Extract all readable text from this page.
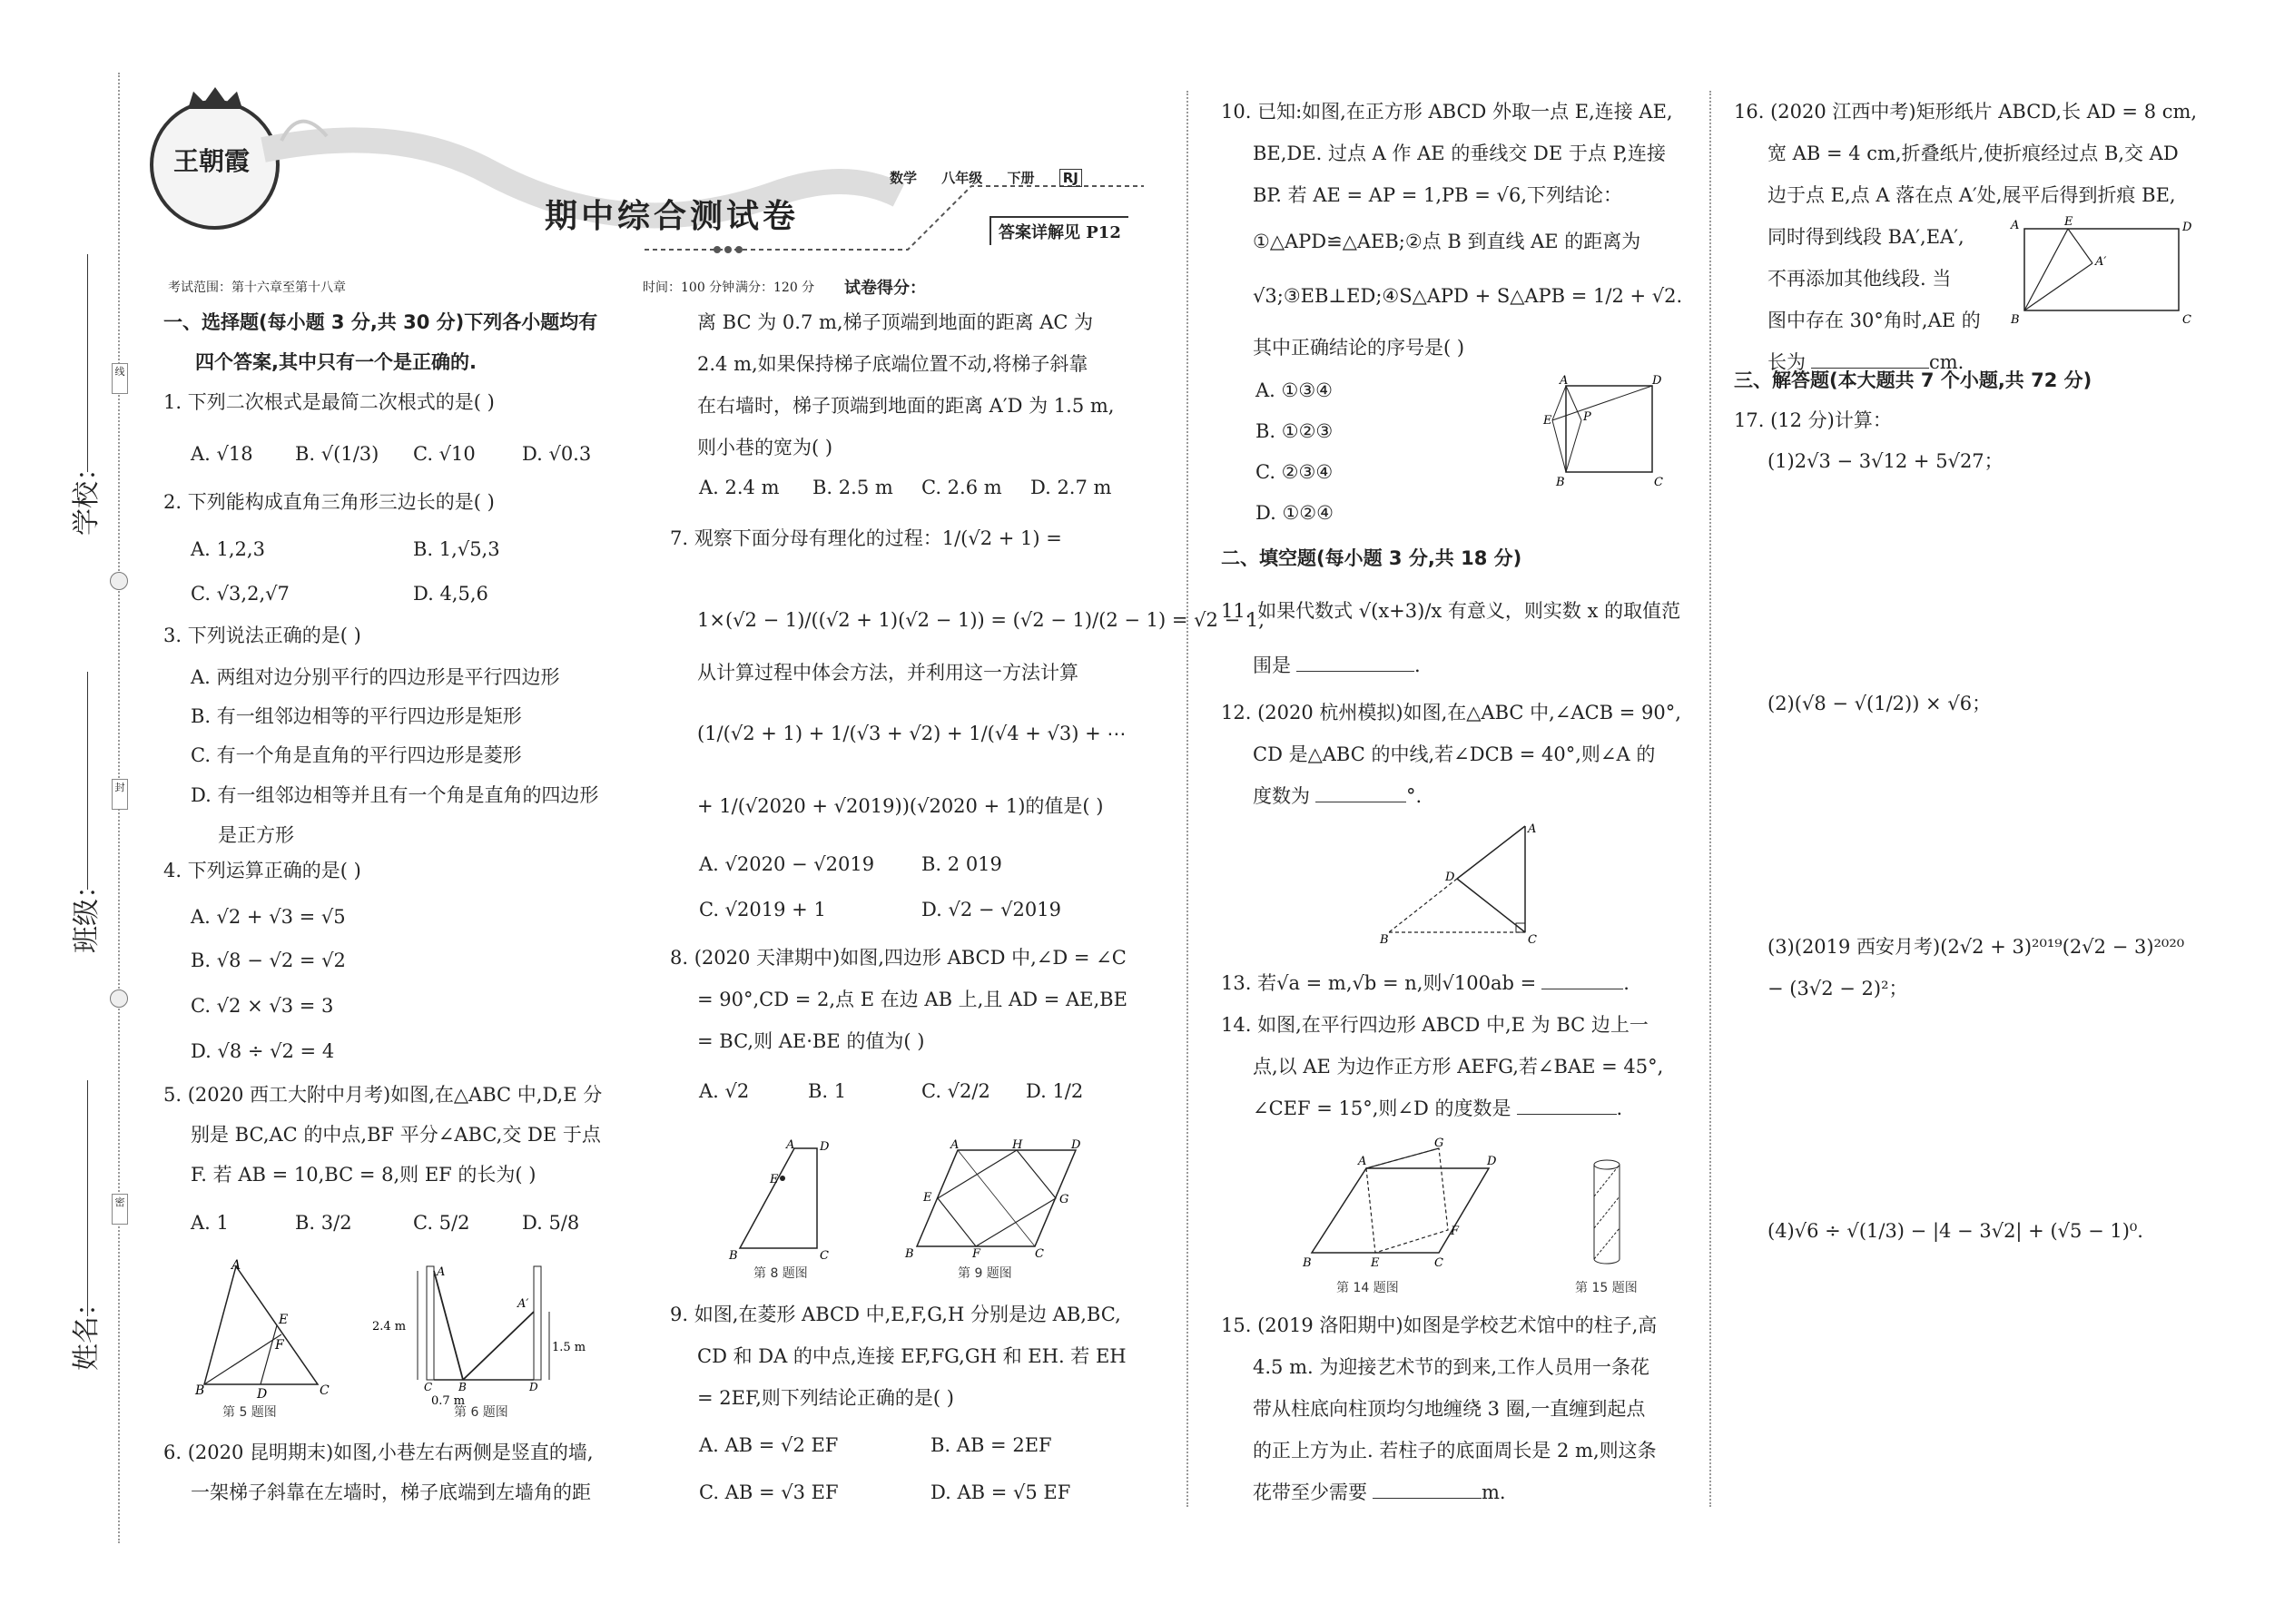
线
封
密
学校：
班级：
姓名：
王朝霞
期中综合测试卷
数学 八年级 下册 RJ
答案详解见 P12
考试范围：第十六章至第十八章	时间：100 分钟 满分：120 分 试卷得分：
一、选择题(每小题 3 分,共 30 分)下列各小题均有
四个答案,其中只有一个是正确的.
1. 下列二次根式是最简二次根式的是( )
A. √18 B. √(1/3) C. √10 D. √0.3
2. 下列能构成直角三角形三边长的是( )
A. 1,2,3	B. 1,√5,3
C. √3,2,√7	D. 4,5,6
3. 下列说法正确的是( )
A. 两组对边分别平行的四边形是平行四边形
B. 有一组邻边相等的平行四边形是矩形
C. 有一个角是直角的平行四边形是菱形
D. 有一组邻边相等并且有一个角是直角的四边形
是正方形
4. 下列运算正确的是( )
A. √2 + √3 = √5
B. √8 − √2 = √2
C. √2 × √3 = 3
D. √8 ÷ √2 = 4
5. (2020 西工大附中月考)如图,在△ABC 中,D,E 分
别是 BC,AC 的中点,BF 平分∠ABC,交 DE 于点
F. 若 AB = 10,BC = 8,则 EF 的长为( )
A. 1	B. 3/2	C. 5/2	D. 5/8
A
B	C
D
E
F
第 5 题图
A
A′
C B	D
2.4 m
1.5 m
0.7 m
第 6 题图
6. (2020 昆明期末)如图,小巷左右两侧是竖直的墙,
一架梯子斜靠在左墙时，梯子底端到左墙角的距
离 BC 为 0.7 m,梯子顶端到地面的距离 AC 为
2.4 m,如果保持梯子底端位置不动,将梯子斜靠
在右墙时，梯子顶端到地面的距离 A′D 为 1.5 m,
则小巷的宽为( )
A. 2.4 m B. 2.5 m C. 2.6 m D. 2.7 m
7. 观察下面分母有理化的过程：1/(√2 + 1) =
1×(√2 − 1)/((√2 + 1)(√2 − 1)) = (√2 − 1)/(2 − 1) = √2 − 1,
从计算过程中体会方法，并利用这一方法计算
(1/(√2 + 1) + 1/(√3 + √2) + 1/(√4 + √3) + ⋯
+ 1/(√2020 + √2019))(√2020 + 1)的值是( )
A. √2020 − √2019 B. 2 019
C. √2019 + 1	D. √2 − √2019
8. (2020 天津期中)如图,四边形 ABCD 中,∠D = ∠C
= 90°,CD = 2,点 E 在边 AB 上,且 AD = AE,BE
= BC,则 AE·BE 的值为( )
A. √2	B. 1	C. √2/2 D. 1/2
A D
E
B	C
第 8 题图
A	H	D
E	G
B	F	C
第 9 题图
9. 如图,在菱形 ABCD 中,E,F,G,H 分别是边 AB,BC,
CD 和 DA 的中点,连接 EF,FG,GH 和 EH. 若 EH
= 2EF,则下列结论正确的是( )
A. AB = √2 EF	B. AB = 2EF
C. AB = √3 EF	D. AB = √5 EF
10. 已知:如图,在正方形 ABCD 外取一点 E,连接 AE,
BE,DE. 过点 A 作 AE 的垂线交 DE 于点 P,连接
BP. 若 AE = AP = 1,PB = √6,下列结论：
①△APD≌△AEB;②点 B 到直线 AE 的距离为
√3;③EB⊥ED;④S△APD + S△APB = 1/2 + √2.
其中正确结论的序号是( )
A. ①③④
B. ①②③
C. ②③④
D. ①②④
A	D
E	P
B	C
二、填空题(每小题 3 分,共 18 分)
11. 如果代数式 √(x+3)/x 有意义，则实数 x 的取值范
围是	.
12. (2020 杭州模拟)如图,在△ABC 中,∠ACB = 90°,
CD 是△ABC 的中线,若∠DCB = 40°,则∠A 的
度数为	°.
A
D
B	C
13. 若√a = m,√b = n,则√100ab =	.
14. 如图,在平行四边形 ABCD 中,E 为 BC 边上一
点,以 AE 为边作正方形 AEFG,若∠BAE = 45°,
∠CEF = 15°,则∠D 的度数是	.
A
G
D
F
B	E	C
第 14 题图	第 15 题图
15. (2019 洛阳期中)如图是学校艺术馆中的柱子,高
4.5 m. 为迎接艺术节的到来,工作人员用一条花
带从柱底向柱顶均匀地缠绕 3 圈,一直缠到起点
的正上方为止. 若柱子的底面周长是 2 m,则这条
花带至少需要	m.
16. (2020 江西中考)矩形纸片 ABCD,长 AD = 8 cm,
宽 AB = 4 cm,折叠纸片,使折痕经过点 B,交 AD
边于点 E,点 A 落在点 A′处,展平后得到折痕 BE,
同时得到线段 BA′,EA′,
不再添加其他线段. 当
图中存在 30°角时,AE 的
长为	cm.
A	E	D
A′
B	C
三、解答题(本大题共 7 个小题,共 72 分)
17. (12 分)计算：
(1)2√3 − 3√12 + 5√27；
(2)(√8 − √(1/2)) × √6；
(3)(2019 西安月考)(2√2 + 3)²⁰¹⁹(2√2 − 3)²⁰²⁰
− (3√2 − 2)²；
(4)√6 ÷ √(1/3) − |4 − 3√2| + (√5 − 1)⁰.
